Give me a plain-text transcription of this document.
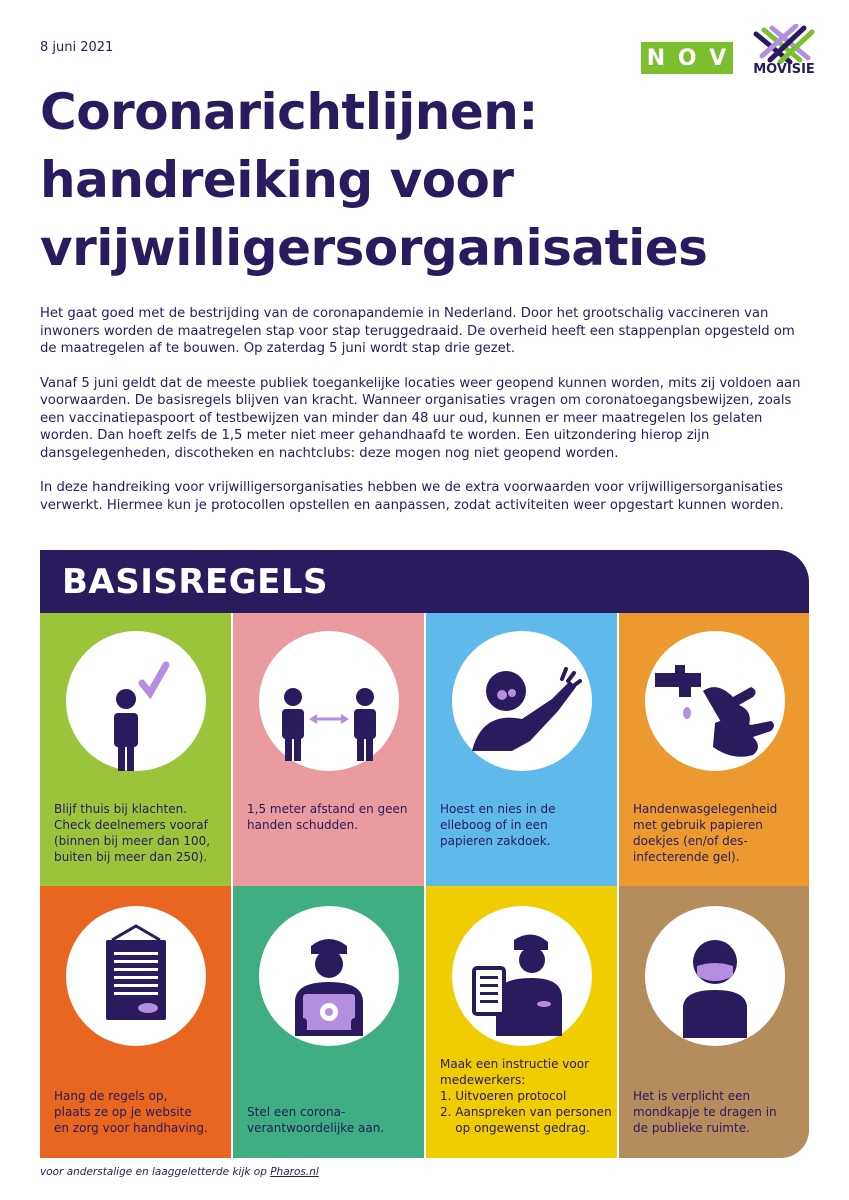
8 juni 2021	N O V MOVISIE
Coronarichtlijnen:
handreiking voor
vrijwilligersorganisaties

Het gaat goed met de bestrijding van de coronapandemie in Nederland. Door het grootschalig vaccineren van inwoners worden de maatregelen stap voor stap teruggedraaid. De overheid heeft een stappenplan opgesteld om de maatregelen af te bouwen. Op zaterdag 5 juni wordt stap drie gezet.

Vanaf 5 juni geldt dat de meeste publiek toegankelijke locaties weer geopend kunnen worden, mits zij voldoen aan voorwaarden. De basisregels blijven van kracht. Wanneer organisaties vragen om coronatoegangsbewijzen, zoals een vaccinatiepaspoort of testbewijzen van minder dan 48 uur oud, kunnen er meer maatregelen los gelaten worden. Dan hoeft zelfs de 1,5 meter niet meer gehandhaafd te worden. Een uitzondering hierop zijn dansgelegenheden, discotheken en nachtclubs: deze mogen nog niet geopend worden.

In deze handreiking voor vrijwilligersorganisaties hebben we de extra voorwaarden voor vrijwilligersorganisaties verwerkt. Hiermee kun je protocollen opstellen en aanpassen, zodat activiteiten weer opgestart kunnen worden.

BASISREGELS
Blijf thuis bij klachten.
Check deelnemers vooraf
(binnen bij meer dan 100,
buiten bij meer dan 250).
1,5 meter afstand en geen
handen schudden.
Hoest en nies in de
elleboog of in een
papieren zakdoek.
Handenwasgelegenheid
met gebruik papieren
doekjes (en/of des-
infecterende gel).
Hang de regels op,
plaats ze op je website
en zorg voor handhaving.
Stel een corona-
verantwoordelijke aan.
Maak een instructie voor
medewerkers:
1. Uitvoeren protocol
2. Aanspreken van personen
op ongewenst gedrag.
Het is verplicht een
mondkapje te dragen in
de publieke ruimte.
voor anderstalige en laaggeletterde kijk op Pharos.nl
